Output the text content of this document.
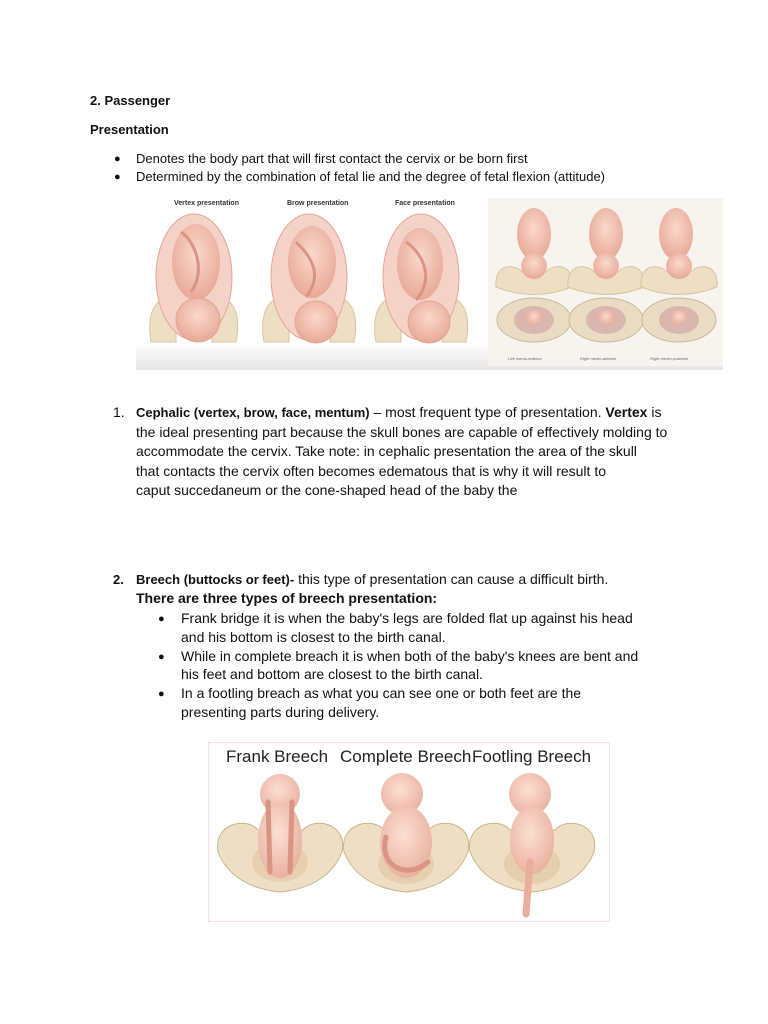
2. Passenger
Presentation
● Denotes the body part that will first contact the cervix or be born first
● Determined by the combination of fetal lie and the degree of fetal flexion (attitude)
Vertex presentation	Brow presentation	Face presentation
Left mento-anterior	Right mento-anterior	Right mento-posterior
1. Cephalic (vertex, brow, face, mentum) – most frequent type of presentation. Vertex is
the ideal presenting part because the skull bones are capable of effectively molding to
accommodate the cervix. Take note: in cephalic presentation the area of the skull
that contacts the cervix often becomes edematous that is why it will result to
caput succedaneum or the cone-shaped head of the baby the
2. Breech (buttocks or feet)- this type of presentation can cause a difficult birth.
There are three types of breech presentation:
● Frank bridge it is when the baby's legs are folded flat up against his head
and his bottom is closest to the birth canal.
● While in complete breach it is when both of the baby's knees are bent and
his feet and bottom are closest to the birth canal.
● In a footling breach as what you can see one or both feet are the
presenting parts during delivery.
Frank Breech Complete Breech Footling Breech
